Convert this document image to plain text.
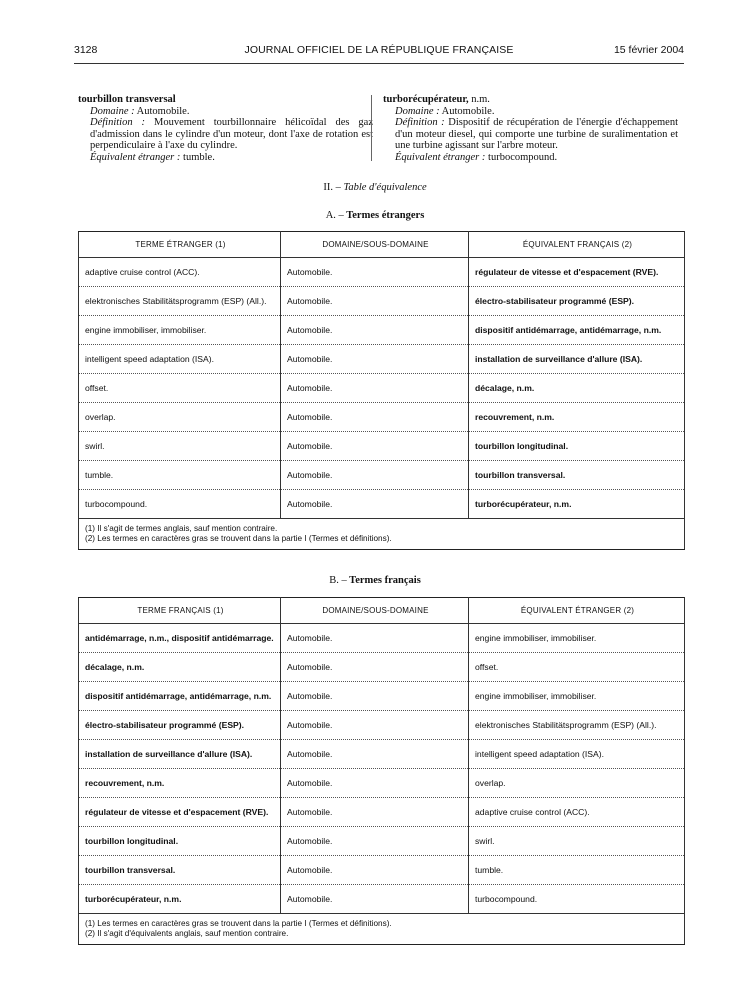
3128	JOURNAL OFFICIEL DE LA RÉPUBLIQUE FRANÇAISE	15 février 2004
tourbillon transversal
Domaine : Automobile.
Définition : Mouvement tourbillonnaire hélicoïdal des gaz d'admission dans le cylindre d'un moteur, dont l'axe de rotation est perpendiculaire à l'axe du cylindre.
Équivalent étranger : tumble.
turborécupérateur, n.m.
Domaine : Automobile.
Définition : Dispositif de récupération de l'énergie d'échappement d'un moteur diesel, qui comporte une turbine de suralimentation et une turbine agissant sur l'arbre moteur.
Équivalent étranger : turbocompound.
II. – Table d'équivalence
A. – Termes étrangers
TERME ÉTRANGER (1)	DOMAINE/SOUS-DOMAINE	ÉQUIVALENT FRANÇAIS (2)
adaptive cruise control (ACC).	Automobile.	régulateur de vitesse et d'espacement (RVE).
elektronisches Stabilitätsprogramm (ESP) (All.).	Automobile.	électro-stabilisateur programmé (ESP).
engine immobiliser, immobiliser.	Automobile.	dispositif antidémarrage, antidémarrage, n.m.
intelligent speed adaptation (ISA).	Automobile.	installation de surveillance d'allure (ISA).
offset.	Automobile.	décalage, n.m.
overlap.	Automobile.	recouvrement, n.m.
swirl.	Automobile.	tourbillon longitudinal.
tumble.	Automobile.	tourbillon transversal.
turbocompound.	Automobile.	turborécupérateur, n.m.

(1) Il s'agit de termes anglais, sauf mention contraire.
(2) Les termes en caractères gras se trouvent dans la partie I (Termes et définitions).		
B. – Termes français
TERME FRANÇAIS (1)	DOMAINE/SOUS-DOMAINE	ÉQUIVALENT ÉTRANGER (2)
antidémarrage, n.m., dispositif antidémarrage.	Automobile.	engine immobiliser, immobiliser.
décalage, n.m.	Automobile.	offset.
dispositif antidémarrage, antidémarrage, n.m.	Automobile.	engine immobiliser, immobiliser.
électro-stabilisateur programmé (ESP).	Automobile.	elektronisches Stabilitätsprogramm (ESP) (All.).
installation de surveillance d'allure (ISA).	Automobile.	intelligent speed adaptation (ISA).
recouvrement, n.m.	Automobile.	overlap.
régulateur de vitesse et d'espacement (RVE).	Automobile.	adaptive cruise control (ACC).
tourbillon longitudinal.	Automobile.	swirl.
tourbillon transversal.	Automobile.	tumble.
turborécupérateur, n.m.	Automobile.	turbocompound.

(1) Les termes en caractères gras se trouvent dans la partie I (Termes et définitions).
(2) Il s'agit d'équivalents anglais, sauf mention contraire.		
